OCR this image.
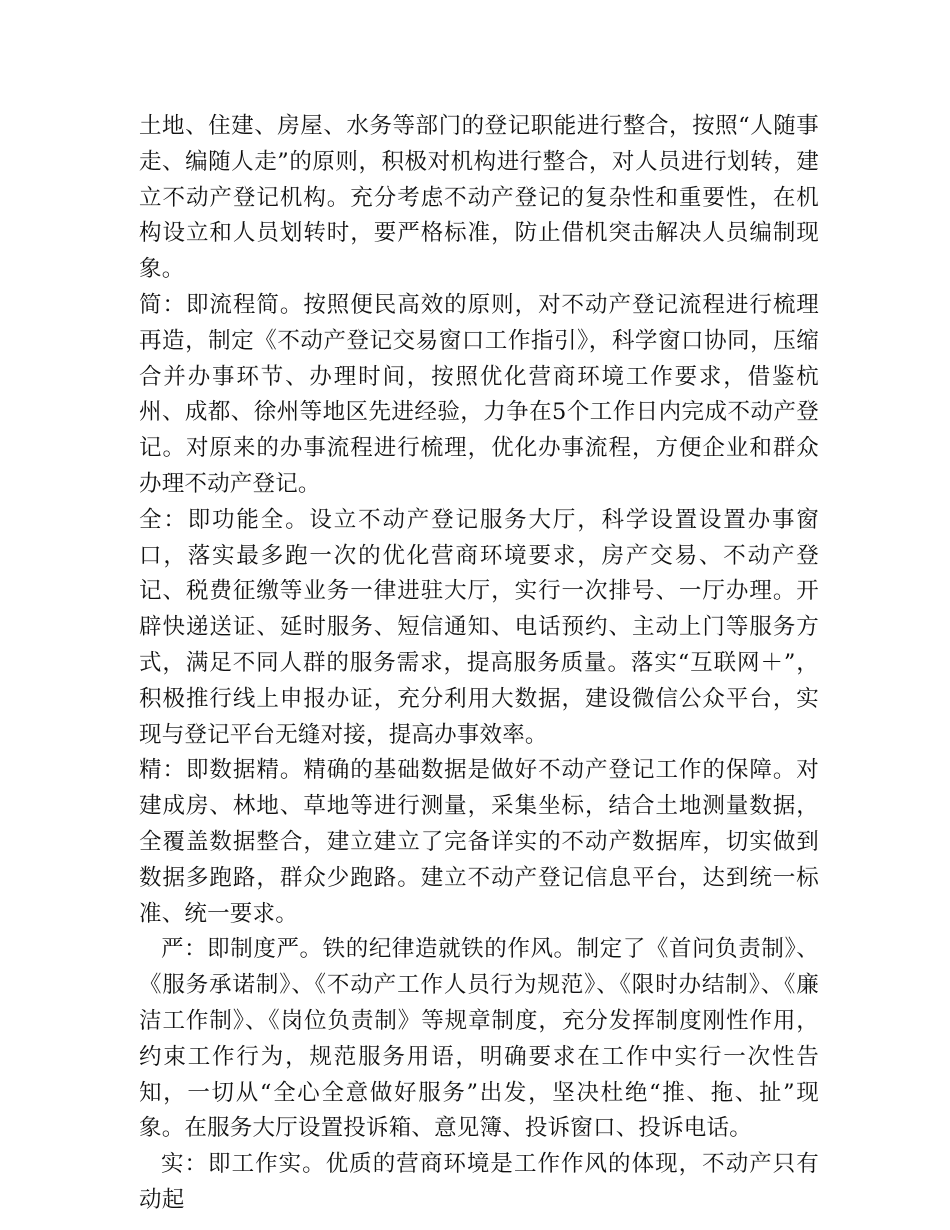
土地、住建、房屋、水务等部门的登记职能进行整合，按照“人随事走、编随人走”的原则，积极对机构进行整合，对人员进行划转，建立不动产登记机构。充分考虑不动产登记的复杂性和重要性，在机构设立和人员划转时，要严格标准，防止借机突击解决人员编制现象。

简：即流程简。按照便民高效的原则，对不动产登记流程进行梳理再造，制定《不动产登记交易窗口工作指引》，科学窗口协同，压缩合并办事环节、办理时间，按照优化营商环境工作要求，借鉴杭州、成都、徐州等地区先进经验，力争在5个工作日内完成不动产登记。对原来的办事流程进行梳理，优化办事流程，方便企业和群众办理不动产登记。

全：即功能全。设立不动产登记服务大厅，科学设置设置办事窗口，落实最多跑一次的优化营商环境要求，房产交易、不动产登记、税费征缴等业务一律进驻大厅，实行一次排号、一厅办理。开辟快递送证、延时服务、短信通知、电话预约、主动上门等服务方式，满足不同人群的服务需求，提高服务质量。落实“互联网＋”，积极推行线上申报办证，充分利用大数据，建设微信公众平台，实现与登记平台无缝对接，提高办事效率。

精：即数据精。精确的基础数据是做好不动产登记工作的保障。对建成房、林地、草地等进行测量，采集坐标，结合土地测量数据，全覆盖数据整合，建立建立了完备详实的不动产数据库，切实做到数据多跑路，群众少跑路。建立不动产登记信息平台，达到统一标准、统一要求。

严：即制度严。铁的纪律造就铁的作风。制定了《首问负责制》、《服务承诺制》、《不动产工作人员行为规范》、《限时办结制》、《廉洁工作制》、《岗位负责制》等规章制度，充分发挥制度刚性作用，约束工作行为，规范服务用语，明确要求在工作中实行一次性告知，一切从“全心全意做好服务”出发，坚决杜绝“推、拖、扯”现象。在服务大厅设置投诉箱、意见簿、投诉窗口、投诉电话。

实：即工作实。优质的营商环境是工作作风的体现，不动产只有动起
